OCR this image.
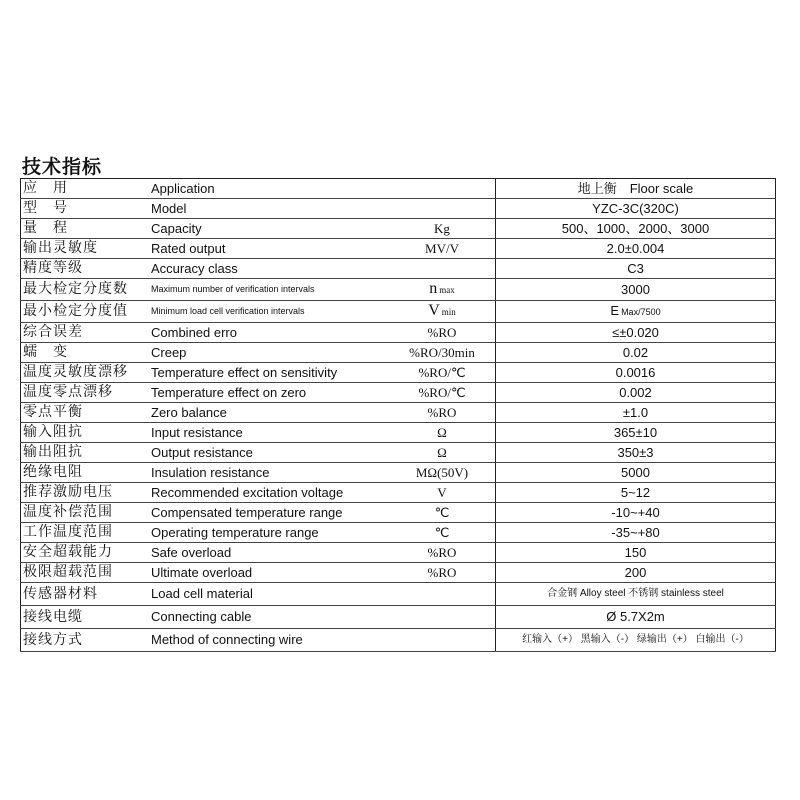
技术指标
应　用	Application		地上衡　Floor scale
型　号	Model		YZC-3C(320C)
量　程	Capacity	Kg	500、1000、2000、3000
输出灵敏度	Rated output	MV/V	2.0±0.004
精度等级	Accuracy class		C3
最大检定分度数	Maximum number of verification intervals	n max	3000
最小检定分度值	Minimum load cell verification intervals	V min	E Max/7500
综合误差	Combined erro	%RO	≤±0.020
蠕　变	Creep	%RO/30min	0.02
温度灵敏度漂移	Temperature effect on sensitivity	%RO/℃	0.0016
温度零点漂移	Temperature effect on zero	%RO/℃	0.002
零点平衡	Zero balance	%RO	±1.0
输入阻抗	Input resistance	Ω	365±10
输出阻抗	Output resistance	Ω	350±3
绝缘电阻	Insulation resistance	MΩ(50V)	5000
推荐激励电压	Recommended excitation voltage	V	5~12
温度补偿范围	Compensated temperature range	℃	-10~+40
工作温度范围	Operating temperature range	℃	-35~+80
安全超载能力	Safe overload	%RO	150
极限超载范围	Ultimate overload	%RO	200
传感器材料	Load cell material		合金钢 Alloy steel 不锈钢 stainless steel
接线电缆	Connecting cable		Ø 5.7X2m
接线方式	Method of connecting wire		红输入（+） 黑输入（-） 绿输出（+） 白输出（-）
